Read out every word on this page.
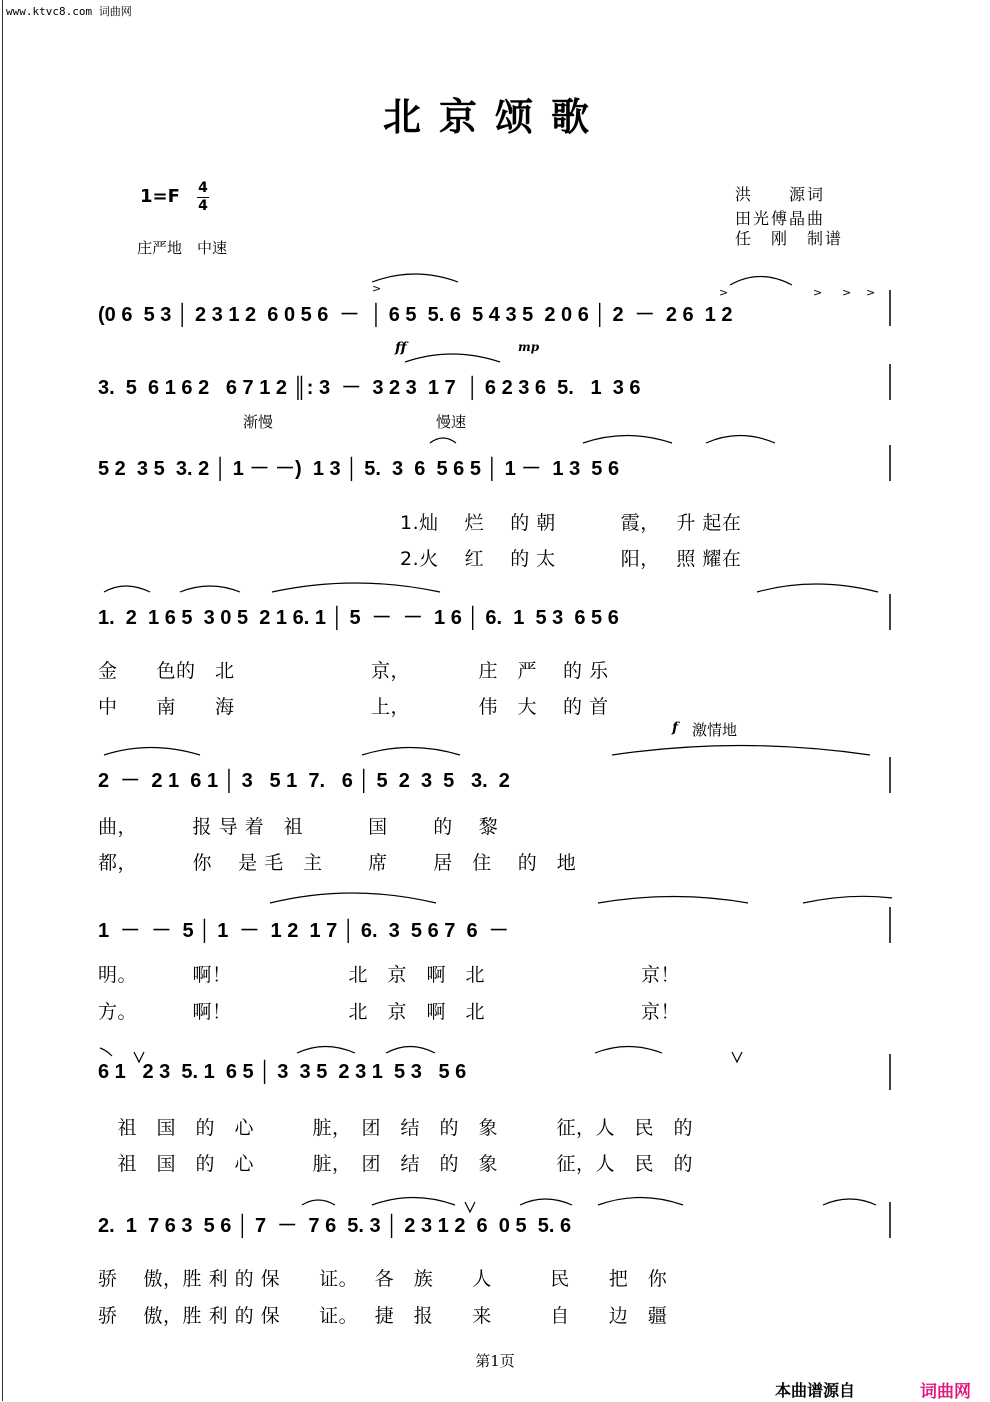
www.ktvc8.com 词曲网
北京颂歌
1=F 4
4
洪　　源词
田光傅晶曲
任　刚　制谱
庄严地　中速
ff	mp
渐慢	慢速
f 激情地
(0 6  5 3 │ 2 3 1 2  6 0 5 6  －  │ 6 5  5. 6  5 4 3 5  2 0 6 │ 2  －  2 6  1 2
3.  5  6 1 6 2   6 7 1 2 ║: 3  －  3 2 3  1 7  │ 6 2 3 6  5.   1  3 6
5 2  3 5  3. 2 │ 1 － －)  1 3 │ 5.  3  6  5 6 5 │ 1 －  1 3  5 6
1.灿　 烂　 的 朝　　　 霞，　 升 起在
2.火　 红　 的 太　　　 阳，　 照 耀在
1.  2  1 6 5  3 0 5  2 1 6. 1 │ 5  －  －  1 6 │ 6.  1  5 3  6 5 6
金　　色的　北　　　　　　　京，　　　　庄　严　 的 乐
中　　南　　海　　　　　　　上，　　　　伟　大　 的 首
2  －  2 1  6 1 │ 3   5 1  7.   6 │ 5  2  3  5   3.  2
曲，　　　 报 导 着　祖　　　 国　　 的　 黎
都，　　　 你　 是 毛　主　　 席　　 居　住　 的　地
1  －  －  5 │ 1  －  1 2  1 7 │ 6.  3  5 6 7  6  －
明。　　　 啊！　　　　　　北　京　啊　北　　　　　　　　京！
方。　　　 啊！　　　　　　北　京　啊　北　　　　　　　　京！
6 1   2 3  5. 1  6 5 │ 3  3 5  2 3 1  5 3   5 6
　祖　国　的　心　　　脏，　团　结　的　象　　　征，人　民　的
　祖　国　的　心　　　脏，　团　结　的　象　　　征，人　民　的
2.  1  7 6 3  5 6 │ 7  －  7 6  5. 3 │ 2 3 1 2  6  0 5  5. 6
骄　 傲，胜 利 的 保　　证。　 各　族　　人　　　民　　把　你
骄　 傲，胜 利 的 保　　证。　 捷　报　　来　　　自　　边　疆
>	>	> > >
第1页
本曲谱源自	词曲网
